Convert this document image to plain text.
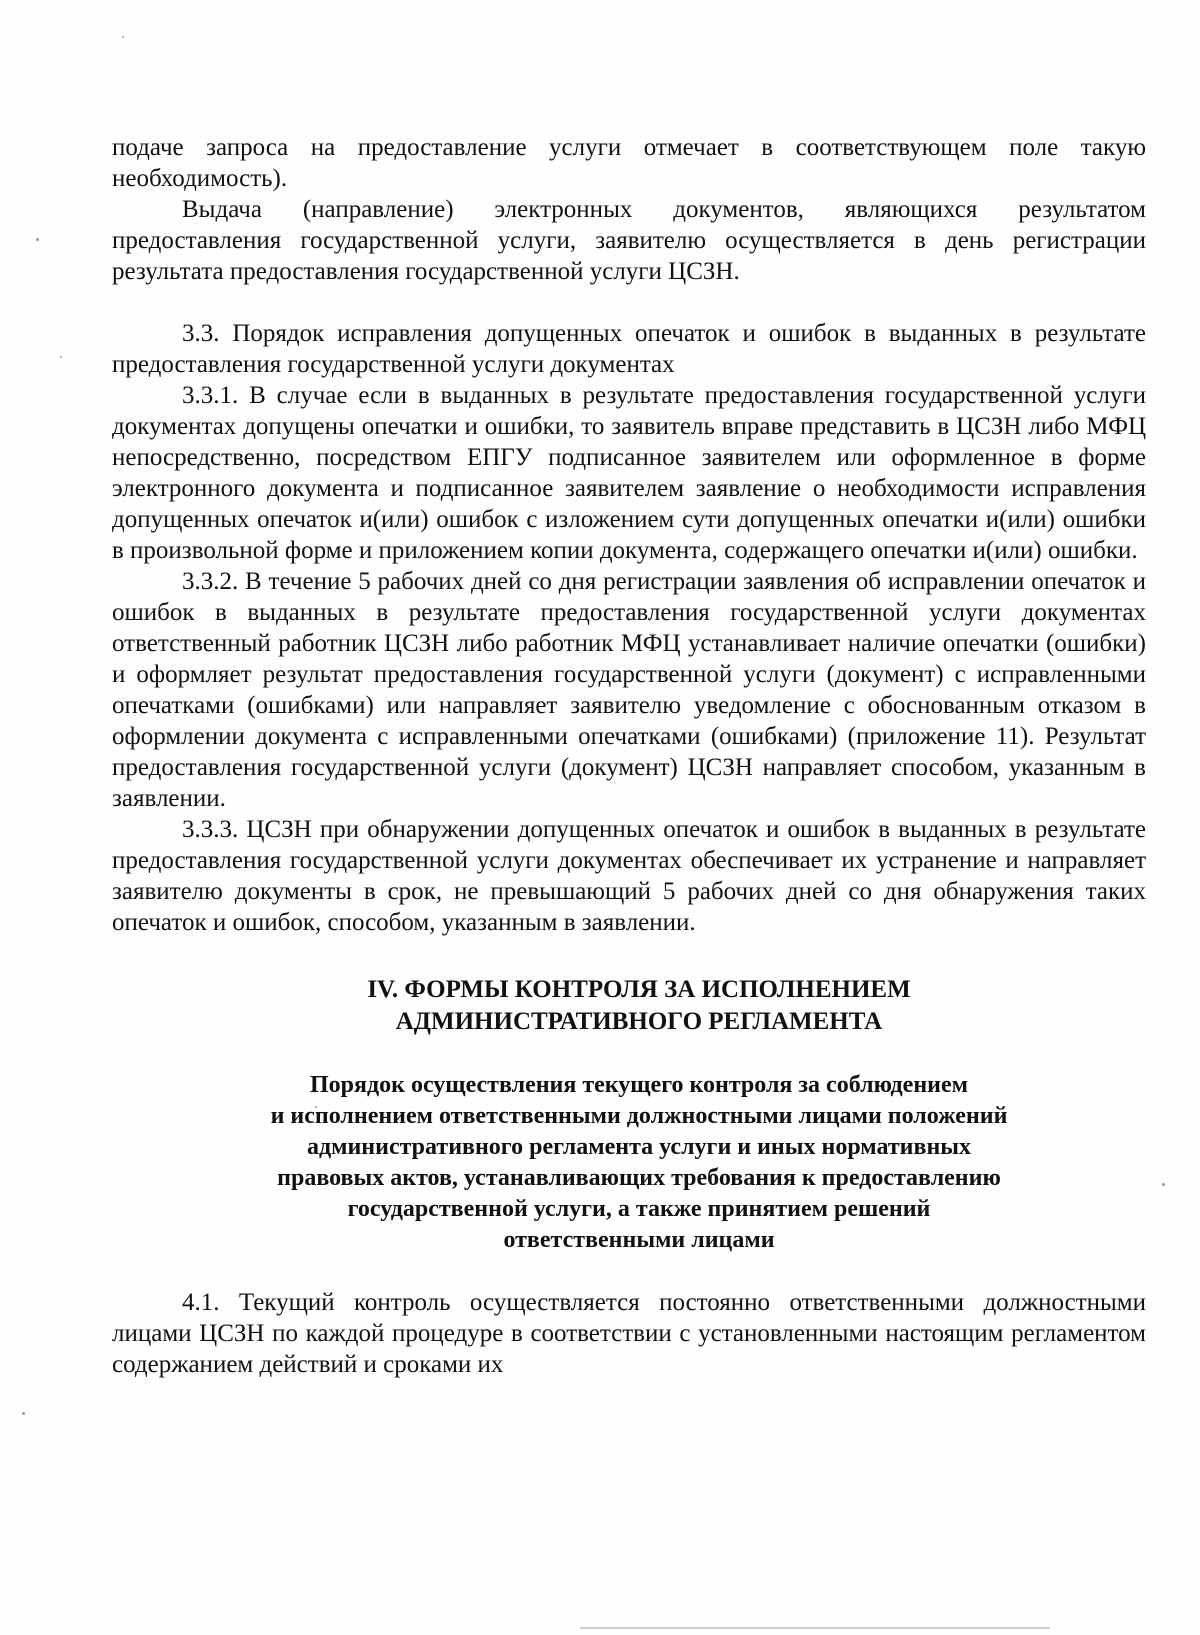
подаче запроса на предоставление услуги отмечает в соответствующем поле такую необходимость).

Выдача (направление) электронных документов, являющихся результатом предоставления государственной услуги, заявителю осуществляется в день регистрации результата предоставления государственной услуги ЦСЗН.

3.3. Порядок исправления допущенных опечаток и ошибок в выданных в результате предоставления государственной услуги документах

3.3.1. В случае если в выданных в результате предоставления государственной услуги документах допущены опечатки и ошибки, то заявитель вправе представить в ЦСЗН либо МФЦ непосредственно, посредством ЕПГУ подписанное заявителем или оформленное в форме электронного документа и подписанное заявителем заявление о необходимости исправления допущенных опечаток и(или) ошибок с изложением сути допущенных опечатки и(или) ошибки в произвольной форме и приложением копии документа, содержащего опечатки и(или) ошибки.

3.3.2. В течение 5 рабочих дней со дня регистрации заявления об исправлении опечаток и ошибок в выданных в результате предоставления государственной услуги документах ответственный работник ЦСЗН либо работник МФЦ устанавливает наличие опечатки (ошибки) и оформляет результат предоставления государственной услуги (документ) с исправленными опечатками (ошибками) или направляет заявителю уведомление с обоснованным отказом в оформлении документа с исправленными опечатками (ошибками) (приложение 11). Результат предоставления государственной услуги (документ) ЦСЗН направляет способом, указанным в заявлении.

3.3.3. ЦСЗН при обнаружении допущенных опечаток и ошибок в выданных в результате предоставления государственной услуги документах обеспечивает их устранение и направляет заявителю документы в срок, не превышающий 5 рабочих дней со дня обнаружения таких опечаток и ошибок, способом, указанным в заявлении.

IV. ФОРМЫ КОНТРОЛЯ ЗА ИСПОЛНЕНИЕМ
АДМИНИСТРАТИВНОГО РЕГЛАМЕНТА
Порядок осуществления текущего контроля за соблюдением
и исполнением ответственными должностными лицами положений
административного регламента услуги и иных нормативных
правовых актов, устанавливающих требования к предоставлению
государственной услуги, а также принятием решений
ответственными лицами

4.1. Текущий контроль осуществляется постоянно ответственными должностными лицами ЦСЗН по каждой процедуре в соответствии с установленными настоящим регламентом содержанием действий и сроками их
